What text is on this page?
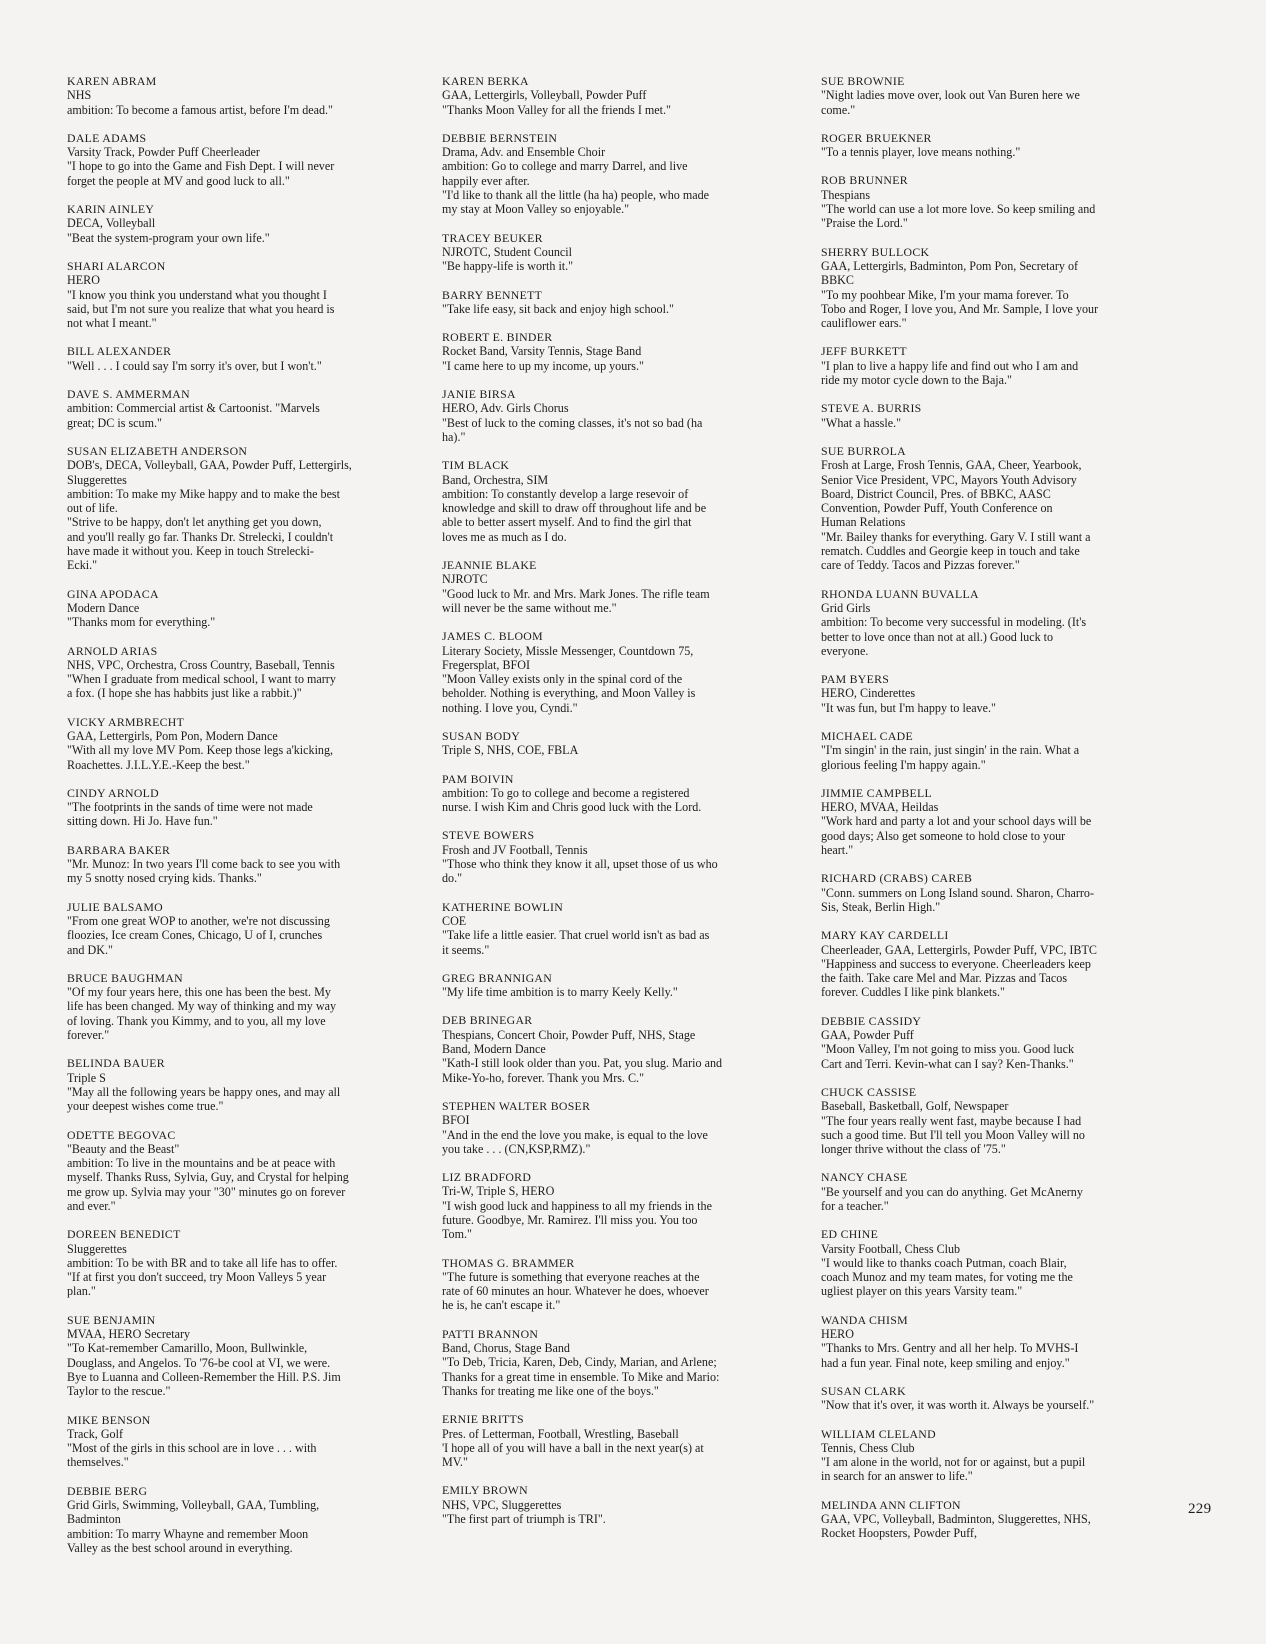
KAREN ABRAM
NHS
ambition: To become a famous artist, before I'm dead."
DALE ADAMS
Varsity Track, Powder Puff Cheerleader
"I hope to go into the Game and Fish Dept. I will never
forget the people at MV and good luck to all."
KARIN AINLEY
DECA, Volleyball
"Beat the system-program your own life."
SHARI ALARCON
HERO
"I know you think you understand what you thought I
said, but I'm not sure you realize that what you heard is
not what I meant."
BILL ALEXANDER
"Well . . . I could say I'm sorry it's over, but I won't."
DAVE S. AMMERMAN
ambition: Commercial artist & Cartoonist. "Marvels
great; DC is scum."
SUSAN ELIZABETH ANDERSON
DOB's, DECA, Volleyball, GAA, Powder Puff, Lettergirls,
Sluggerettes
ambition: To make my Mike happy and to make the best
out of life.
"Strive to be happy, don't let anything get you down,
and you'll really go far. Thanks Dr. Strelecki, I couldn't
have made it without you. Keep in touch Strelecki-
Ecki."
GINA APODACA
Modern Dance
"Thanks mom for everything."
ARNOLD ARIAS
NHS, VPC, Orchestra, Cross Country, Baseball, Tennis
"When I graduate from medical school, I want to marry
a fox. (I hope she has habbits just like a rabbit.)"
VICKY ARMBRECHT
GAA, Lettergirls, Pom Pon, Modern Dance
"With all my love MV Pom. Keep those legs a'kicking,
Roachettes. J.I.L.Y.E.-Keep the best."
CINDY ARNOLD
"The footprints in the sands of time were not made
sitting down. Hi Jo. Have fun."
BARBARA BAKER
"Mr. Munoz: In two years I'll come back to see you with
my 5 snotty nosed crying kids. Thanks."
JULIE BALSAMO
"From one great WOP to another, we're not discussing
floozies, Ice cream Cones, Chicago, U of I, crunches
and DK."
BRUCE BAUGHMAN
"Of my four years here, this one has been the best. My
life has been changed. My way of thinking and my way
of loving. Thank you Kimmy, and to you, all my love
forever."
BELINDA BAUER
Triple S
"May all the following years be happy ones, and may all
your deepest wishes come true."
ODETTE BEGOVAC
"Beauty and the Beast"
ambition: To live in the mountains and be at peace with
myself. Thanks Russ, Sylvia, Guy, and Crystal for helping
me grow up. Sylvia may your "30" minutes go on forever
and ever."
DOREEN BENEDICT
Sluggerettes
ambition: To be with BR and to take all life has to offer.
"If at first you don't succeed, try Moon Valleys 5 year
plan."
SUE BENJAMIN
MVAA, HERO Secretary
"To Kat-remember Camarillo, Moon, Bullwinkle,
Douglass, and Angelos. To '76-be cool at VI, we were.
Bye to Luanna and Colleen-Remember the Hill. P.S. Jim
Taylor to the rescue."
MIKE BENSON
Track, Golf
"Most of the girls in this school are in love . . . with
themselves."
DEBBIE BERG
Grid Girls, Swimming, Volleyball, GAA, Tumbling,
Badminton
ambition: To marry Whayne and remember Moon
Valley as the best school around in everything.
KAREN BERKA
GAA, Lettergirls, Volleyball, Powder Puff
"Thanks Moon Valley for all the friends I met."
DEBBIE BERNSTEIN
Drama, Adv. and Ensemble Choir
ambition: Go to college and marry Darrel, and live
happily ever after.
"I'd like to thank all the little (ha ha) people, who made
my stay at Moon Valley so enjoyable."
TRACEY BEUKER
NJROTC, Student Council
"Be happy-life is worth it."
BARRY BENNETT
"Take life easy, sit back and enjoy high school."
ROBERT E. BINDER
Rocket Band, Varsity Tennis, Stage Band
"I came here to up my income, up yours."
JANIE BIRSA
HERO, Adv. Girls Chorus
"Best of luck to the coming classes, it's not so bad (ha
ha)."
TIM BLACK
Band, Orchestra, SIM
ambition: To constantly develop a large resevoir of
knowledge and skill to draw off throughout life and be
able to better assert myself. And to find the girl that
loves me as much as I do.
JEANNIE BLAKE
NJROTC
"Good luck to Mr. and Mrs. Mark Jones. The rifle team
will never be the same without me."
JAMES C. BLOOM
Literary Society, Missle Messenger, Countdown 75,
Fregersplat, BFOI
"Moon Valley exists only in the spinal cord of the
beholder. Nothing is everything, and Moon Valley is
nothing. I love you, Cyndi."
SUSAN BODY
Triple S, NHS, COE, FBLA
PAM BOIVIN
ambition: To go to college and become a registered
nurse. I wish Kim and Chris good luck with the Lord.
STEVE BOWERS
Frosh and JV Football, Tennis
"Those who think they know it all, upset those of us who
do."
KATHERINE BOWLIN
COE
"Take life a little easier. That cruel world isn't as bad as
it seems."
GREG BRANNIGAN
"My life time ambition is to marry Keely Kelly."
DEB BRINEGAR
Thespians, Concert Choir, Powder Puff, NHS, Stage
Band, Modern Dance
"Kath-I still look older than you. Pat, you slug. Mario and
Mike-Yo-ho, forever. Thank you Mrs. C."
STEPHEN WALTER BOSER
BFOI
"And in the end the love you make, is equal to the love
you take . . . (CN,KSP,RMZ)."
LIZ BRADFORD
Tri-W, Triple S, HERO
"I wish good luck and happiness to all my friends in the
future. Goodbye, Mr. Ramirez. I'll miss you. You too
Tom."
THOMAS G. BRAMMER
"The future is something that everyone reaches at the
rate of 60 minutes an hour. Whatever he does, whoever
he is, he can't escape it."
PATTI BRANNON
Band, Chorus, Stage Band
"To Deb, Tricia, Karen, Deb, Cindy, Marian, and Arlene;
Thanks for a great time in ensemble. To Mike and Mario:
Thanks for treating me like one of the boys."
ERNIE BRITTS
Pres. of Letterman, Football, Wrestling, Baseball
'I hope all of you will have a ball in the next year(s) at
MV."
EMILY BROWN
NHS, VPC, Sluggerettes
"The first part of triumph is TRI".
SUE BROWNIE
"Night ladies move over, look out Van Buren here we
come."
ROGER BRUEKNER
"To a tennis player, love means nothing."
ROB BRUNNER
Thespians
"The world can use a lot more love. So keep smiling and
"Praise the Lord."
SHERRY BULLOCK
GAA, Lettergirls, Badminton, Pom Pon, Secretary of
BBKC
"To my poohbear Mike, I'm your mama forever. To
Tobo and Roger, I love you, And Mr. Sample, I love your
cauliflower ears."
JEFF BURKETT
"I plan to live a happy life and find out who I am and
ride my motor cycle down to the Baja."
STEVE A. BURRIS
"What a hassle."
SUE BURROLA
Frosh at Large, Frosh Tennis, GAA, Cheer, Yearbook,
Senior Vice President, VPC, Mayors Youth Advisory
Board, District Council, Pres. of BBKC, AASC
Convention, Powder Puff, Youth Conference on
Human Relations
"Mr. Bailey thanks for everything. Gary V. I still want a
rematch. Cuddles and Georgie keep in touch and take
care of Teddy. Tacos and Pizzas forever."
RHONDA LUANN BUVALLA
Grid Girls
ambition: To become very successful in modeling. (It's
better to love once than not at all.) Good luck to
everyone.
PAM BYERS
HERO, Cinderettes
"It was fun, but I'm happy to leave."
MICHAEL CADE
"I'm singin' in the rain, just singin' in the rain. What a
glorious feeling I'm happy again."
JIMMIE CAMPBELL
HERO, MVAA, Heildas
"Work hard and party a lot and your school days will be
good days; Also get someone to hold close to your
heart."
RICHARD (CRABS) CAREB
"Conn. summers on Long Island sound. Sharon, Charro-
Sis, Steak, Berlin High."
MARY KAY CARDELLI
Cheerleader, GAA, Lettergirls, Powder Puff, VPC, IBTC
"Happiness and success to everyone. Cheerleaders keep
the faith. Take care Mel and Mar. Pizzas and Tacos
forever. Cuddles I like pink blankets."
DEBBIE CASSIDY
GAA, Powder Puff
"Moon Valley, I'm not going to miss you. Good luck
Cart and Terri. Kevin-what can I say? Ken-Thanks."
CHUCK CASSISE
Baseball, Basketball, Golf, Newspaper
"The four years really went fast, maybe because I had
such a good time. But I'll tell you Moon Valley will no
longer thrive without the class of '75."
NANCY CHASE
"Be yourself and you can do anything. Get McAnerny
for a teacher."
ED CHINE
Varsity Football, Chess Club
"I would like to thanks coach Putman, coach Blair,
coach Munoz and my team mates, for voting me the
ugliest player on this years Varsity team."
WANDA CHISM
HERO
"Thanks to Mrs. Gentry and all her help. To MVHS-I
had a fun year. Final note, keep smiling and enjoy."
SUSAN CLARK
"Now that it's over, it was worth it. Always be yourself."
WILLIAM CLELAND
Tennis, Chess Club
"I am alone in the world, not for or against, but a pupil
in search for an answer to life."
MELINDA ANN CLIFTON
GAA, VPC, Volleyball, Badminton, Sluggerettes, NHS,
Rocket Hoopsters, Powder Puff,
229
